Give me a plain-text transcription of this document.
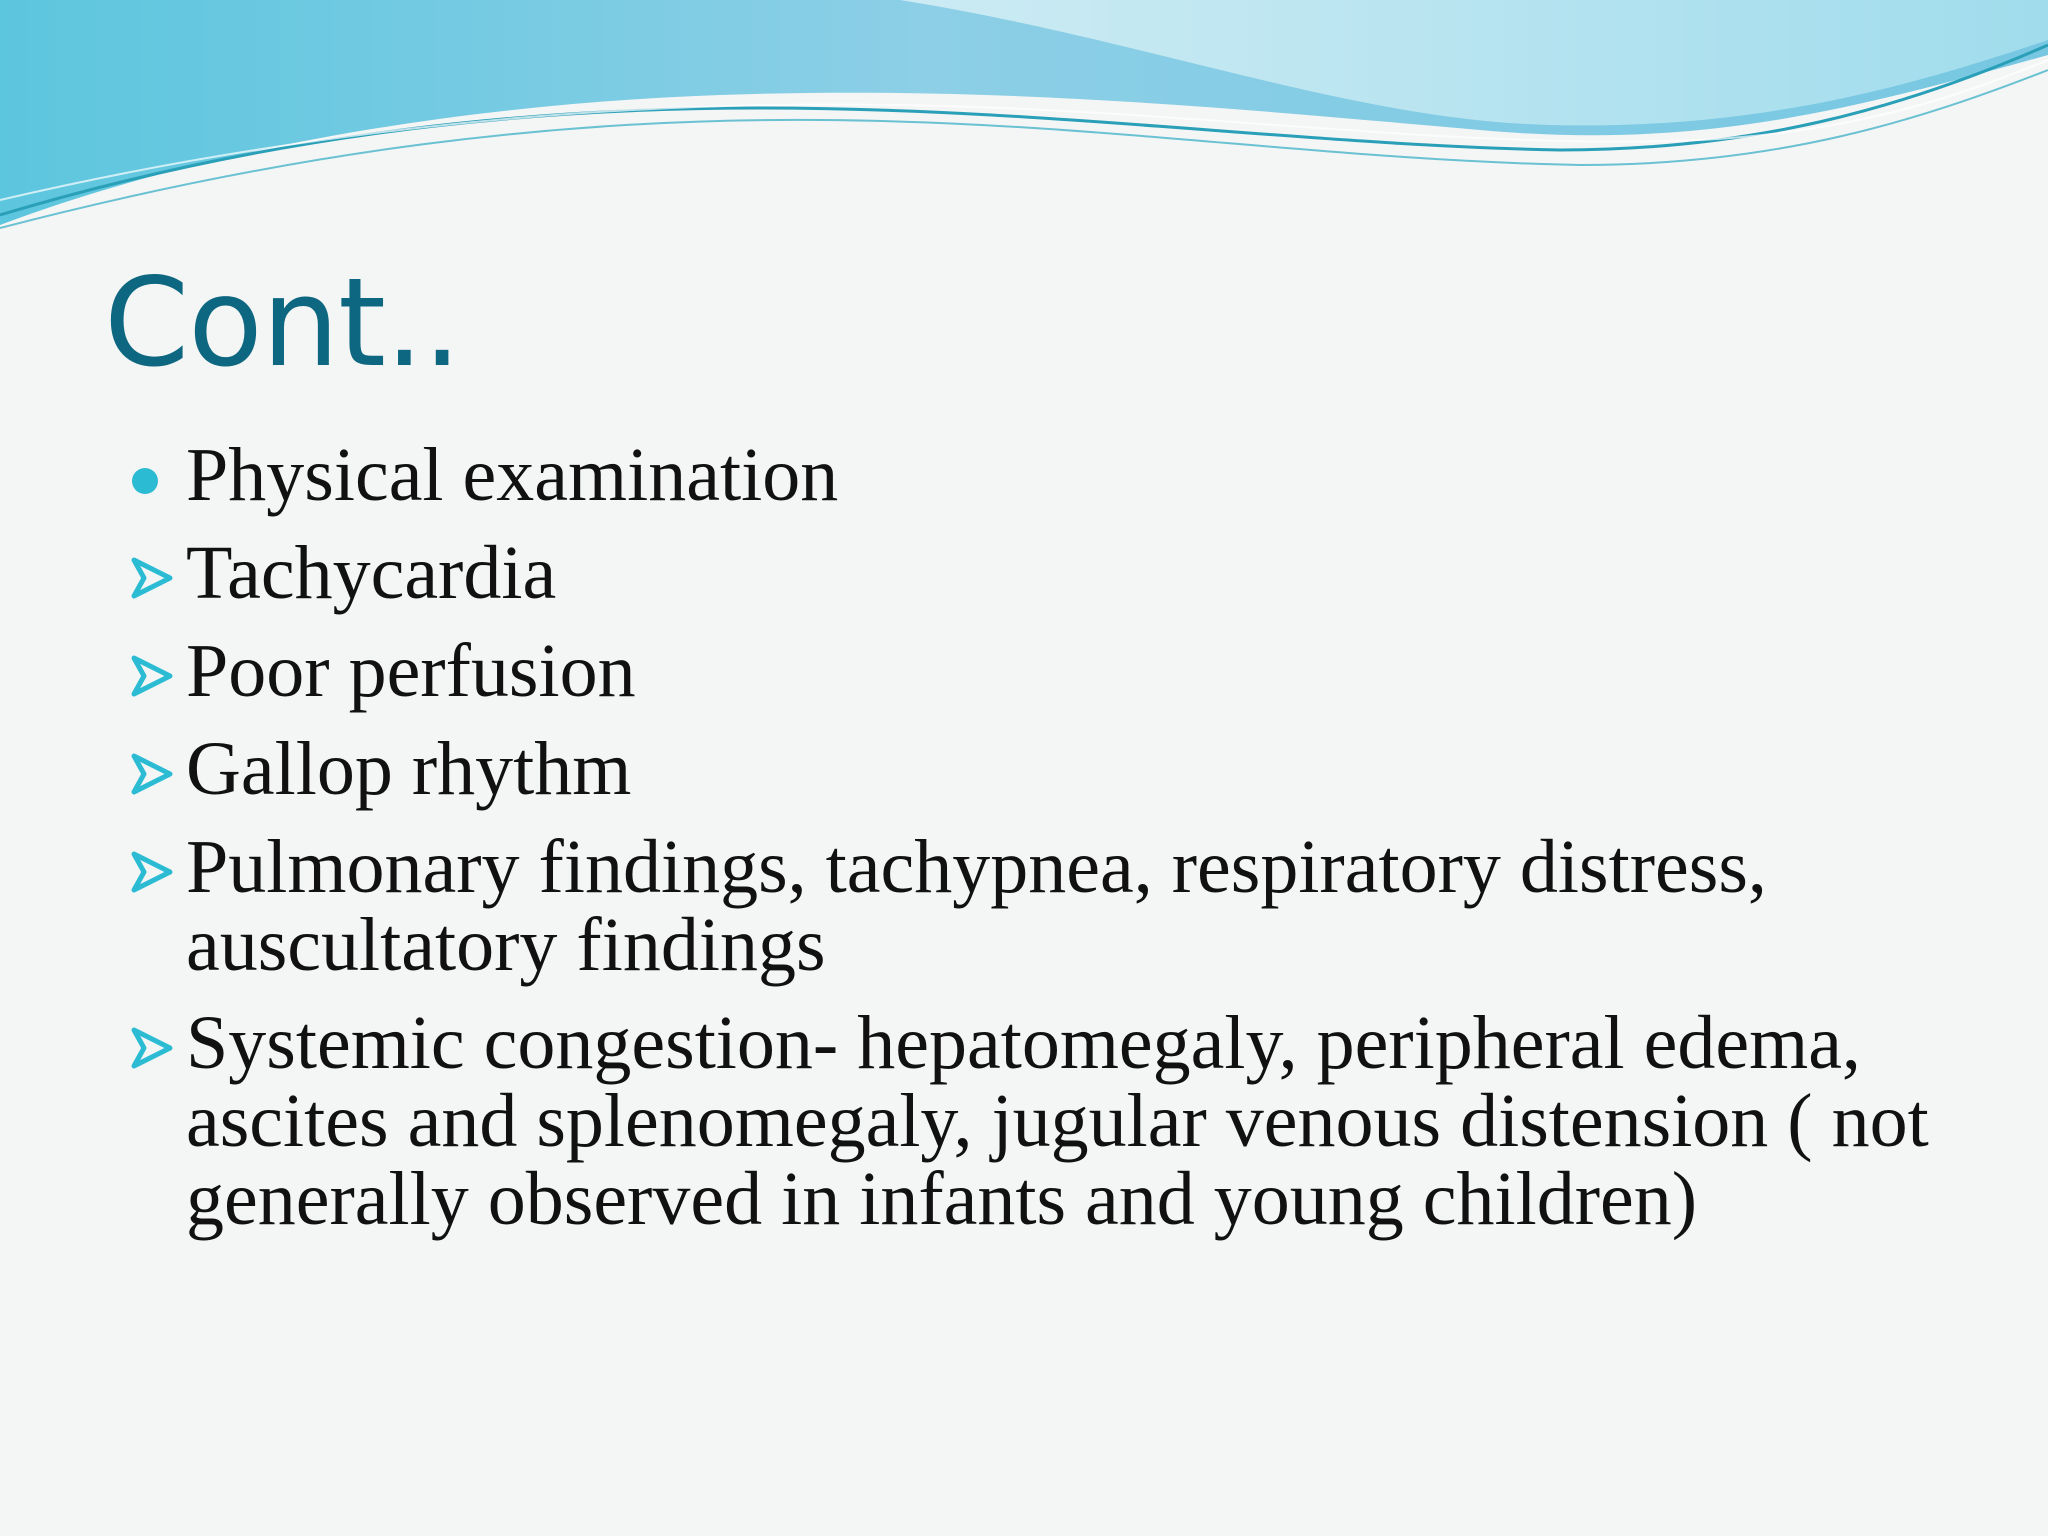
Cont..
Physical examination
Tachycardia
Poor perfusion
Gallop rhythm
Pulmonary findings, tachypnea, respiratory distress, auscultatory findings
Systemic congestion- hepatomegaly, peripheral edema, ascites and splenomegaly, jugular venous distension ( not generally observed in infants and young children)
